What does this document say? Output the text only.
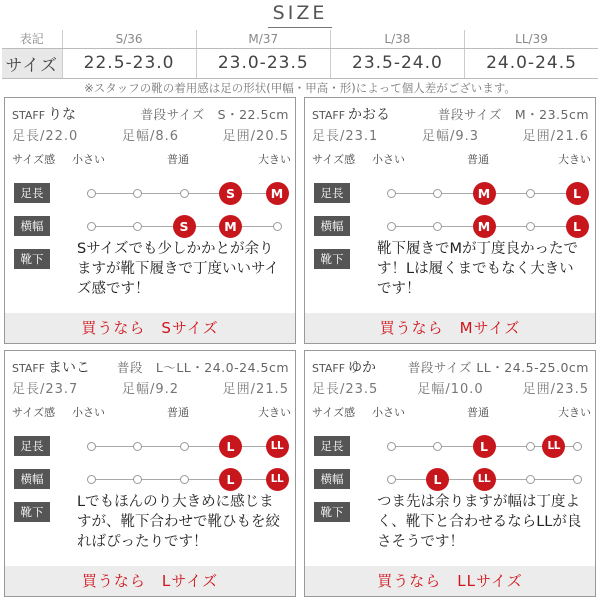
SIZE
表記	S/36	M/37	L/38	LL/39
サイズ	22.5-23.0	23.0-23.5	23.5-24.0	24.0-24.5
※スタッフの靴の着用感は足の形状(甲幅・甲高・形)によって個人差がございます。
STAFF りな	普段サイズ　S・22.5cm
足長/22.0	足幅/8.6	足囲/20.5
サイズ感 小さい	普通	大きい
足長
横幅
靴下
Sサイズでも少しかかとが余りますが靴下履きで丁度いいサイズ感です！
買うなら　Sサイズ
S	M
S	M
STAFF かおる	普段サイズ　M・23.5cm
足長/23.1	足幅/9.3	足囲/21.6
サイズ感 小さい	普通	大きい
足長
横幅
靴下
靴下履きでMが丁度良かったです！Lは履くまでもなく大きいです！
買うなら　Mサイズ
M	L
M	L
STAFF まいこ 普段　L〜LL・24.0-24.5cm
足長/23.7	足幅/9.2	足囲/21.5
サイズ感 小さい	普通	大きい
足長
横幅
靴下
Lでもほんのり大きめに感じますが、靴下合わせで靴ひもを絞ればぴったりです！
買うなら　Lサイズ
L	LL
L	LL
STAFF ゆか	普段サイズ LL・24.5-25.0cm
足長/23.5	足幅/10.0	足囲/23.5
サイズ感 小さい	普通	大きい
足長
横幅
靴下
つま先は余りますが幅は丁度よく、靴下と合わせるならLLが良さそうです！
買うなら　LLサイズ
L	LL
L	LL
